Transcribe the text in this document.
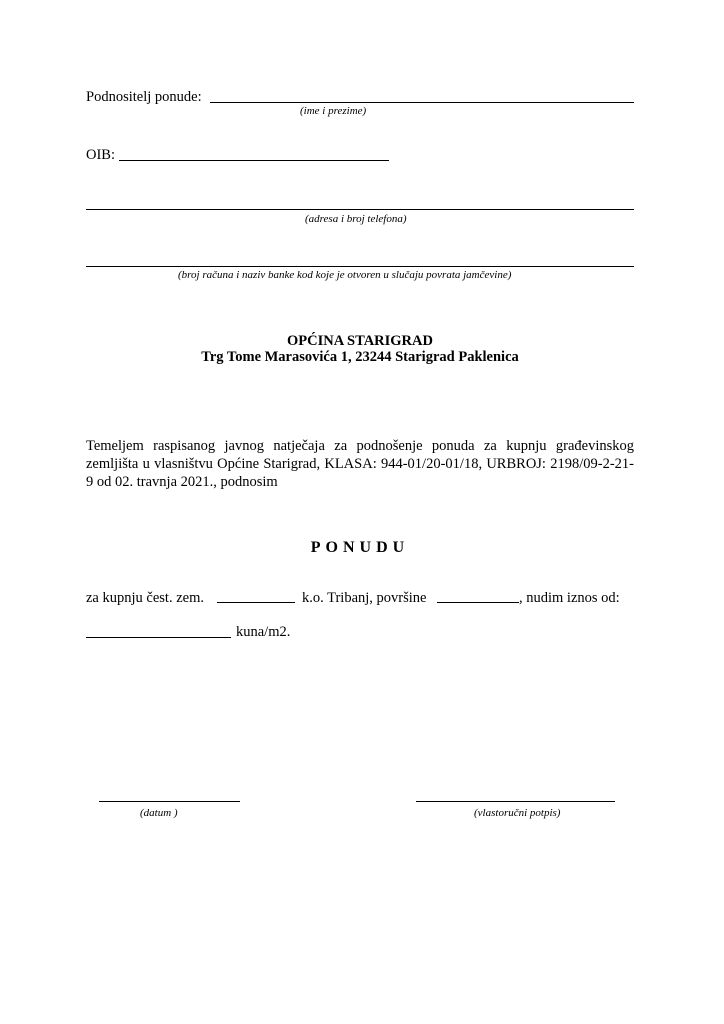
Podnositelj ponude:
(ime i prezime)
OIB:
(adresa i broj telefona)
(broj računa i naziv banke kod koje je otvoren u slučaju povrata jamčevine)
OPĆINA STARIGRAD
Trg Tome Marasovića 1, 23244 Starigrad Paklenica
Temeljem raspisanog javnog natječaja za podnošenje ponuda za kupnju građevinskog zemljišta u vlasništvu Općine Starigrad, KLASA: 944-01/20-01/18, URBROJ: 2198/09-2-21-9 od 02. travnja 2021., podnosim
PONUDU
za kupnju čest. zem.	k.o. Tribanj, površine	, nudim iznos od:
kuna/m2.
(datum )	(vlastoručni potpis)
